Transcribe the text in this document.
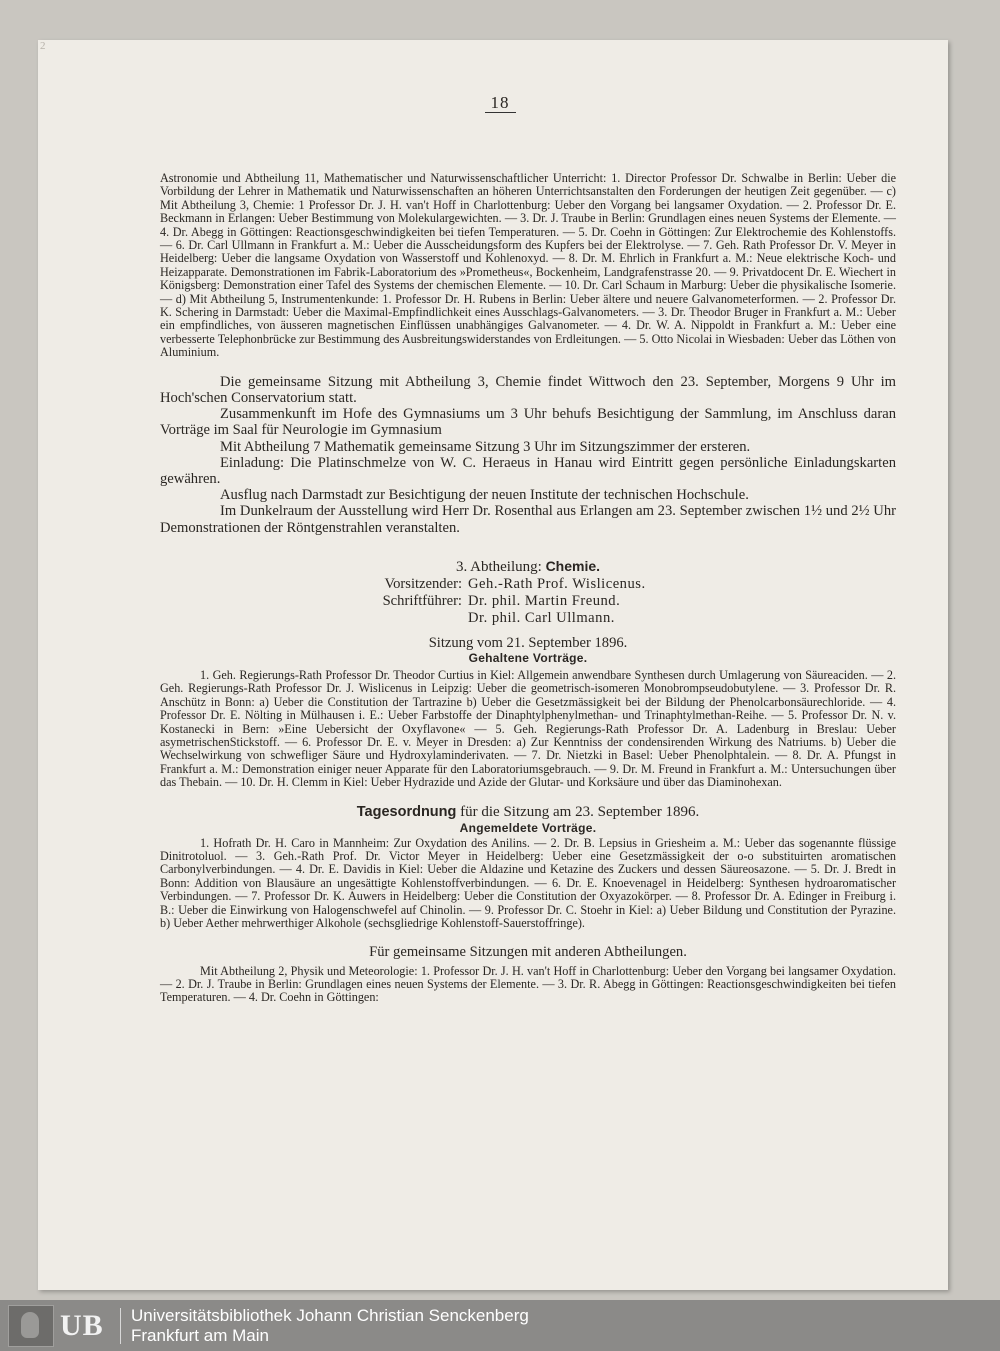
2
18

Astronomie und Abtheilung 11, Mathematischer und Naturwissenschaftlicher Unterricht: 1. Director Professor Dr. Schwalbe in Berlin: Ueber die Vorbildung der Lehrer in Mathematik und Naturwissenschaften an höheren Unterrichtsanstalten den Forderungen der heutigen Zeit gegenüber. — c) Mit Abtheilung 3, Chemie: 1 Professor Dr. J. H. van't Hoff in Charlottenburg: Ueber den Vorgang bei langsamer Oxydation. — 2. Professor Dr. E. Beckmann in Erlangen: Ueber Bestimmung von Molekulargewichten. — 3. Dr. J. Traube in Berlin: Grundlagen eines neuen Systems der Elemente. — 4. Dr. Abegg in Göttingen: Reactionsgeschwindigkeiten bei tiefen Temperaturen. — 5. Dr. Coehn in Göttingen: Zur Elektrochemie des Kohlenstoffs. — 6. Dr. Carl Ullmann in Frankfurt a. M.: Ueber die Ausscheidungsform des Kupfers bei der Elektrolyse. — 7. Geh. Rath Professor Dr. V. Meyer in Heidelberg: Ueber die langsame Oxydation von Wasserstoff und Kohlenoxyd. — 8. Dr. M. Ehrlich in Frankfurt a. M.: Neue elektrische Koch- und Heizapparate. Demonstrationen im Fabrik-Laboratorium des »Prometheus«, Bockenheim, Landgrafenstrasse 20. — 9. Privatdocent Dr. E. Wiechert in Königsberg: Demonstration einer Tafel des Systems der chemischen Elemente. — 10. Dr. Carl Schaum in Marburg: Ueber die physikalische Isomerie. — d) Mit Abtheilung 5, Instrumentenkunde: 1. Professor Dr. H. Rubens in Berlin: Ueber ältere und neuere Galvanometerformen. — 2. Professor Dr. K. Schering in Darmstadt: Ueber die Maximal-Empfindlichkeit eines Ausschlags-Galvanometers. — 3. Dr. Theodor Bruger in Frankfurt a. M.: Ueber ein empfindliches, von äusseren magnetischen Einflüssen unabhängiges Galvanometer. — 4. Dr. W. A. Nippoldt in Frankfurt a. M.: Ueber eine verbesserte Telephonbrücke zur Bestimmung des Ausbreitungswiderstandes von Erdleitungen. — 5. Otto Nicolai in Wiesbaden: Ueber das Löthen von Aluminium.

Die gemeinsame Sitzung mit Abtheilung 3, Chemie findet Wittwoch den 23. September, Morgens 9 Uhr im Hoch'schen Conservatorium statt.

Zusammenkunft im Hofe des Gymnasiums um 3 Uhr behufs Besichtigung der Sammlung, im Anschluss daran Vorträge im Saal für Neurologie im Gymnasium

Mit Abtheilung 7 Mathematik gemeinsame Sitzung 3 Uhr im Sitzungszimmer der ersteren.

Einladung: Die Platinschmelze von W. C. Heraeus in Hanau wird Eintritt gegen persönliche Einladungskarten gewähren.

Ausflug nach Darmstadt zur Besichtigung der neuen Institute der technischen Hochschule.

Im Dunkelraum der Ausstellung wird Herr Dr. Rosenthal aus Erlangen am 23. September zwischen 1½ und 2½ Uhr Demonstrationen der Röntgenstrahlen veranstalten.

3. Abtheilung: Chemie.

Vorsitzender: Geh.-Rath Prof. Wislicenus.
Schriftführer: Dr. phil. Martin Freund.
Dr. phil. Carl Ullmann.

Sitzung vom 21. September 1896.

Gehaltene Vorträge.

1. Geh. Regierungs-Rath Professor Dr. Theodor Curtius in Kiel: Allgemein anwendbare Synthesen durch Umlagerung von Säureaciden. — 2. Geh. Regierungs-Rath Professor Dr. J. Wislicenus in Leipzig: Ueber die geometrisch-isomeren Monobrompseudobutylene. — 3. Professor Dr. R. Anschütz in Bonn: a) Ueber die Constitution der Tartrazine b) Ueber die Gesetzmässigkeit bei der Bildung der Phenolcarbonsäurechloride. — 4. Professor Dr. E. Nölting in Mülhausen i. E.: Ueber Farbstoffe der Dinaphtylphenylmethan- und Trinaphtylmethan-Reihe. — 5. Professor Dr. N. v. Kostanecki in Bern: »Eine Uebersicht der Oxyflavone« — 5. Geh. Regierungs-Rath Professor Dr. A. Ladenburg in Breslau: Ueber asymetrischenStickstoff. — 6. Professor Dr. E. v. Meyer in Dresden: a) Zur Kenntniss der condensirenden Wirkung des Natriums. b) Ueber die Wechselwirkung von schwefliger Säure und Hydroxylaminderivaten. — 7. Dr. Nietzki in Basel: Ueber Phenolphtalein. — 8. Dr. A. Pfungst in Frankfurt a. M.: Demonstration einiger neuer Apparate für den Laboratoriumsgebrauch. — 9. Dr. M. Freund in Frankfurt a. M.: Untersuchungen über das Thebain. — 10. Dr. H. Clemm in Kiel: Ueber Hydrazide und Azide der Glutar- und Korksäure und über das Diaminohexan.

Tagesordnung für die Sitzung am 23. September 1896.

Angemeldete Vorträge.

1. Hofrath Dr. H. Caro in Mannheim: Zur Oxydation des Anilins. — 2. Dr. B. Lepsius in Griesheim a. M.: Ueber das sogenannte flüssige Dinitrotoluol. — 3. Geh.-Rath Prof. Dr. Victor Meyer in Heidelberg: Ueber eine Gesetzmässigkeit der o-o substituirten aromatischen Carbonylverbindungen. — 4. Dr. E. Davidis in Kiel: Ueber die Aldazine und Ketazine des Zuckers und dessen Säureosazone. — 5. Dr. J. Bredt in Bonn: Addition von Blausäure an ungesättigte Kohlenstoffverbindungen. — 6. Dr. E. Knoevenagel in Heidelberg: Synthesen hydroaromatischer Verbindungen. — 7. Professor Dr. K. Auwers in Heidelberg: Ueber die Constitution der Oxyazokörper. — 8. Professor Dr. A. Edinger in Freiburg i. B.: Ueber die Einwirkung von Halogenschwefel auf Chinolin. — 9. Professor Dr. C. Stoehr in Kiel: a) Ueber Bildung und Constitution der Pyrazine. b) Ueber Aether mehrwerthiger Alkohole (sechsgliedrige Kohlenstoff-Sauerstoffringe).

Für gemeinsame Sitzungen mit anderen Abtheilungen.

Mit Abtheilung 2, Physik und Meteorologie: 1. Professor Dr. J. H. van't Hoff in Charlottenburg: Ueber den Vorgang bei langsamer Oxydation. — 2. Dr. J. Traube in Berlin: Grundlagen eines neuen Systems der Elemente. — 3. Dr. R. Abegg in Göttingen: Reactionsgeschwindigkeiten bei tiefen Temperaturen. — 4. Dr. Coehn in Göttingen:

UB Universitätsbibliothek Johann Christian Senckenberg
Frankfurt am Main
